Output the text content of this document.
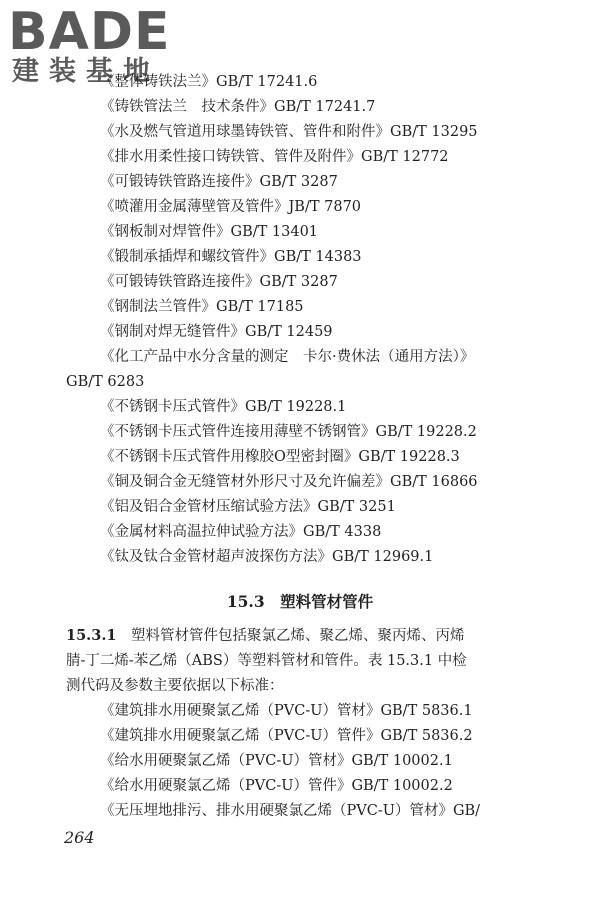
BADE
建装基地
《整体铸铁法兰》GB/T 17241.6
《铸铁管法兰　技术条件》GB/T 17241.7
《水及燃气管道用球墨铸铁管、管件和附件》GB/T 13295
《排水用柔性接口铸铁管、管件及附件》GB/T 12772
《可锻铸铁管路连接件》GB/T 3287
《喷灌用金属薄壁管及管件》JB/T 7870
《钢板制对焊管件》GB/T 13401
《锻制承插焊和螺纹管件》GB/T 14383
《可锻铸铁管路连接件》GB/T 3287
《钢制法兰管件》GB/T 17185
《钢制对焊无缝管件》GB/T 12459
《化工产品中水分含量的测定　卡尔·费休法（通用方法）》
GB/T 6283
《不锈钢卡压式管件》GB/T 19228.1
《不锈钢卡压式管件连接用薄壁不锈钢管》GB/T 19228.2
《不锈钢卡压式管件用橡胶O型密封圈》GB/T 19228.3
《铜及铜合金无缝管材外形尺寸及允许偏差》GB/T 16866
《铝及铝合金管材压缩试验方法》GB/T 3251
《金属材料高温拉伸试验方法》GB/T 4338
《钛及钛合金管材超声波探伤方法》GB/T 12969.1
15.3　塑料管材管件
15.3.1　 塑料管材管件包括聚氯乙烯、聚乙烯、聚丙烯、丙烯
腈-丁二烯-苯乙烯（ABS）等塑料管材和管件。表 15.3.1 中检
测代码及参数主要依据以下标准：
《建筑排水用硬聚氯乙烯（PVC-U）管材》GB/T 5836.1
《建筑排水用硬聚氯乙烯（PVC-U）管件》GB/T 5836.2
《给水用硬聚氯乙烯（PVC-U）管材》GB/T 10002.1
《给水用硬聚氯乙烯（PVC-U）管件》GB/T 10002.2
《无压埋地排污、排水用硬聚氯乙烯（PVC-U）管材》GB/
264
